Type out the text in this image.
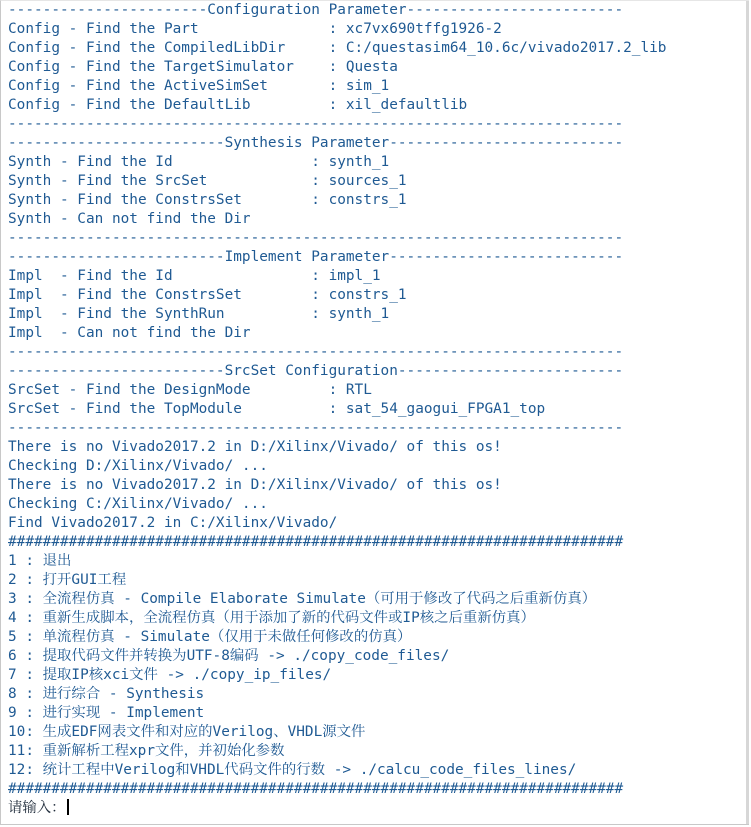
-----------------------Configuration Parameter-------------------------
Config - Find the Part               : xc7vx690tffg1926-2
Config - Find the CompiledLibDir     : C:/questasim64_10.6c/vivado2017.2_lib
Config - Find the TargetSimulator    : Questa
Config - Find the ActiveSimSet       : sim_1
Config - Find the DefaultLib         : xil_defaultlib
-----------------------------------------------------------------------
-------------------------Synthesis Parameter---------------------------
Synth - Find the Id                : synth_1
Synth - Find the SrcSet            : sources_1
Synth - Find the ConstrsSet        : constrs_1
Synth - Can not find the Dir
-----------------------------------------------------------------------
-------------------------Implement Parameter---------------------------
Impl  - Find the Id                : impl_1
Impl  - Find the ConstrsSet        : constrs_1
Impl  - Find the SynthRun          : synth_1
Impl  - Can not find the Dir
-----------------------------------------------------------------------
-------------------------SrcSet Configuration--------------------------
SrcSet - Find the DesignMode         : RTL
SrcSet - Find the TopModule          : sat_54_gaogui_FPGA1_top
-----------------------------------------------------------------------
There is no Vivado2017.2 in D:/Xilinx/Vivado/ of this os!
Checking D:/Xilinx/Vivado/ ...
There is no Vivado2017.2 in D:/Xilinx/Vivado/ of this os!
Checking C:/Xilinx/Vivado/ ...
Find Vivado2017.2 in C:/Xilinx/Vivado/
#######################################################################
1 : 退出
2 : 打开GUI工程
3 : 全流程仿真 - Compile Elaborate Simulate（可用于修改了代码之后重新仿真）
4 : 重新生成脚本，全流程仿真（用于添加了新的代码文件或IP核之后重新仿真）
5 : 单流程仿真 - Simulate（仅用于未做任何修改的仿真）
6 : 提取代码文件并转换为UTF-8编码 -> ./copy_code_files/
7 : 提取IP核xci文件 -> ./copy_ip_files/
8 : 进行综合 - Synthesis
9 : 进行实现 - Implement
10: 生成EDF网表文件和对应的Verilog、VHDL源文件
11: 重新解析工程xpr文件，并初始化参数
12: 统计工程中Verilog和VHDL代码文件的行数 -> ./calcu_code_files_lines/
#######################################################################
请输入：
